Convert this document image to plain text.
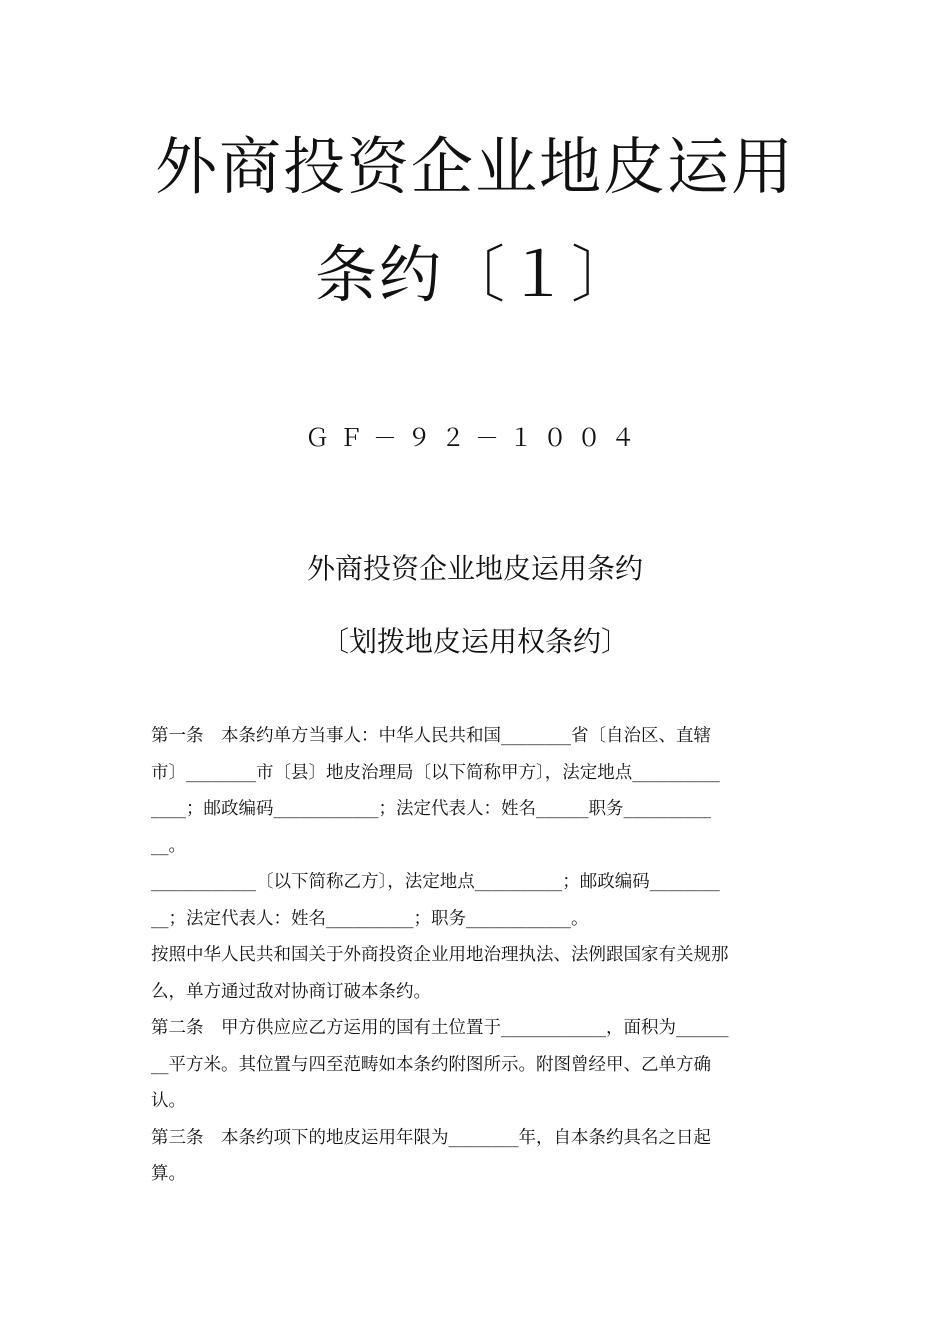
外商投资企业地皮运用
条约〔１〕
ＧＦ－９２－１００４
外商投资企业地皮运用条约
〔划拨地皮运用权条约〕
第一条　本条约单方当事人：中华人民共和国________省〔自治区、直辖
市〕________市〔县〕地皮治理局〔以下简称甲方〕，法定地点__________
____；邮政编码____________；法定代表人：姓名______职务__________
__。
____________〔以下简称乙方〕，法定地点__________；邮政编码________
__；法定代表人：姓名__________；职务____________。
按照中华人民共和国关于外商投资企业用地治理执法、法例跟国家有关规那
么，单方通过敌对协商订破本条约。
第二条　甲方供应应乙方运用的国有土位置于____________，面积为______
__平方米。其位置与四至范畴如本条约附图所示。附图曾经甲、乙单方确
认。
第三条　本条约项下的地皮运用年限为________年，自本条约具名之日起
算。
